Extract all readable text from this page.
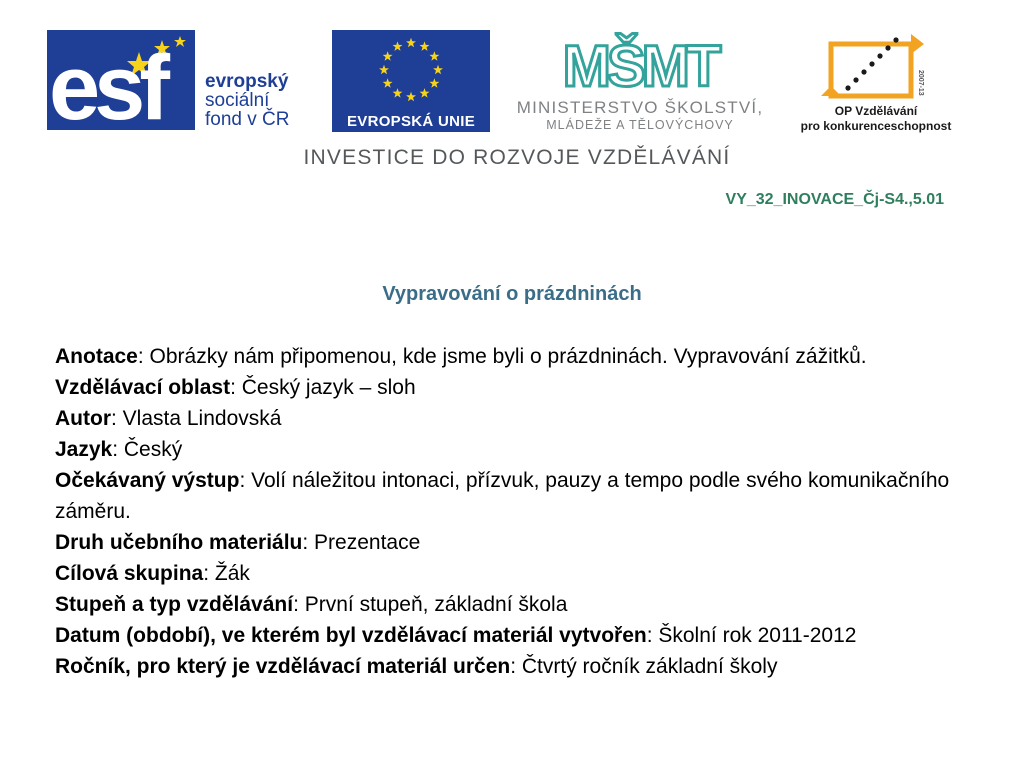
esf evropský
sociální
fond v ČR	EVROPSKÁ UNIE
MŠMT
MINISTERSTVO ŠKOLSTVÍ,
MLÁDEŽE A TĚLOVÝCHOVY
2007-13
OP Vzdělávání
pro konkurenceschopnost
INVESTICE DO ROZVOJE VZDĚLÁVÁNÍ
VY_32_INOVACE_Čj-S4.,5.01
Vypravování o prázdninách
Anotace: Obrázky nám připomenou, kde jsme byli o prázdninách. Vypravování zážitků.
Vzdělávací oblast: Český jazyk – sloh
Autor: Vlasta Lindovská
Jazyk: Český
Očekávaný výstup: Volí náležitou intonaci, přízvuk, pauzy a tempo podle svého komunikačního záměru.
Druh učebního materiálu: Prezentace
Cílová skupina: Žák
Stupeň a typ vzdělávání: První stupeň, základní škola
Datum (období), ve kterém byl vzdělávací materiál vytvořen: Školní rok 2011-2012
Ročník, pro který je vzdělávací materiál určen: Čtvrtý ročník základní školy
